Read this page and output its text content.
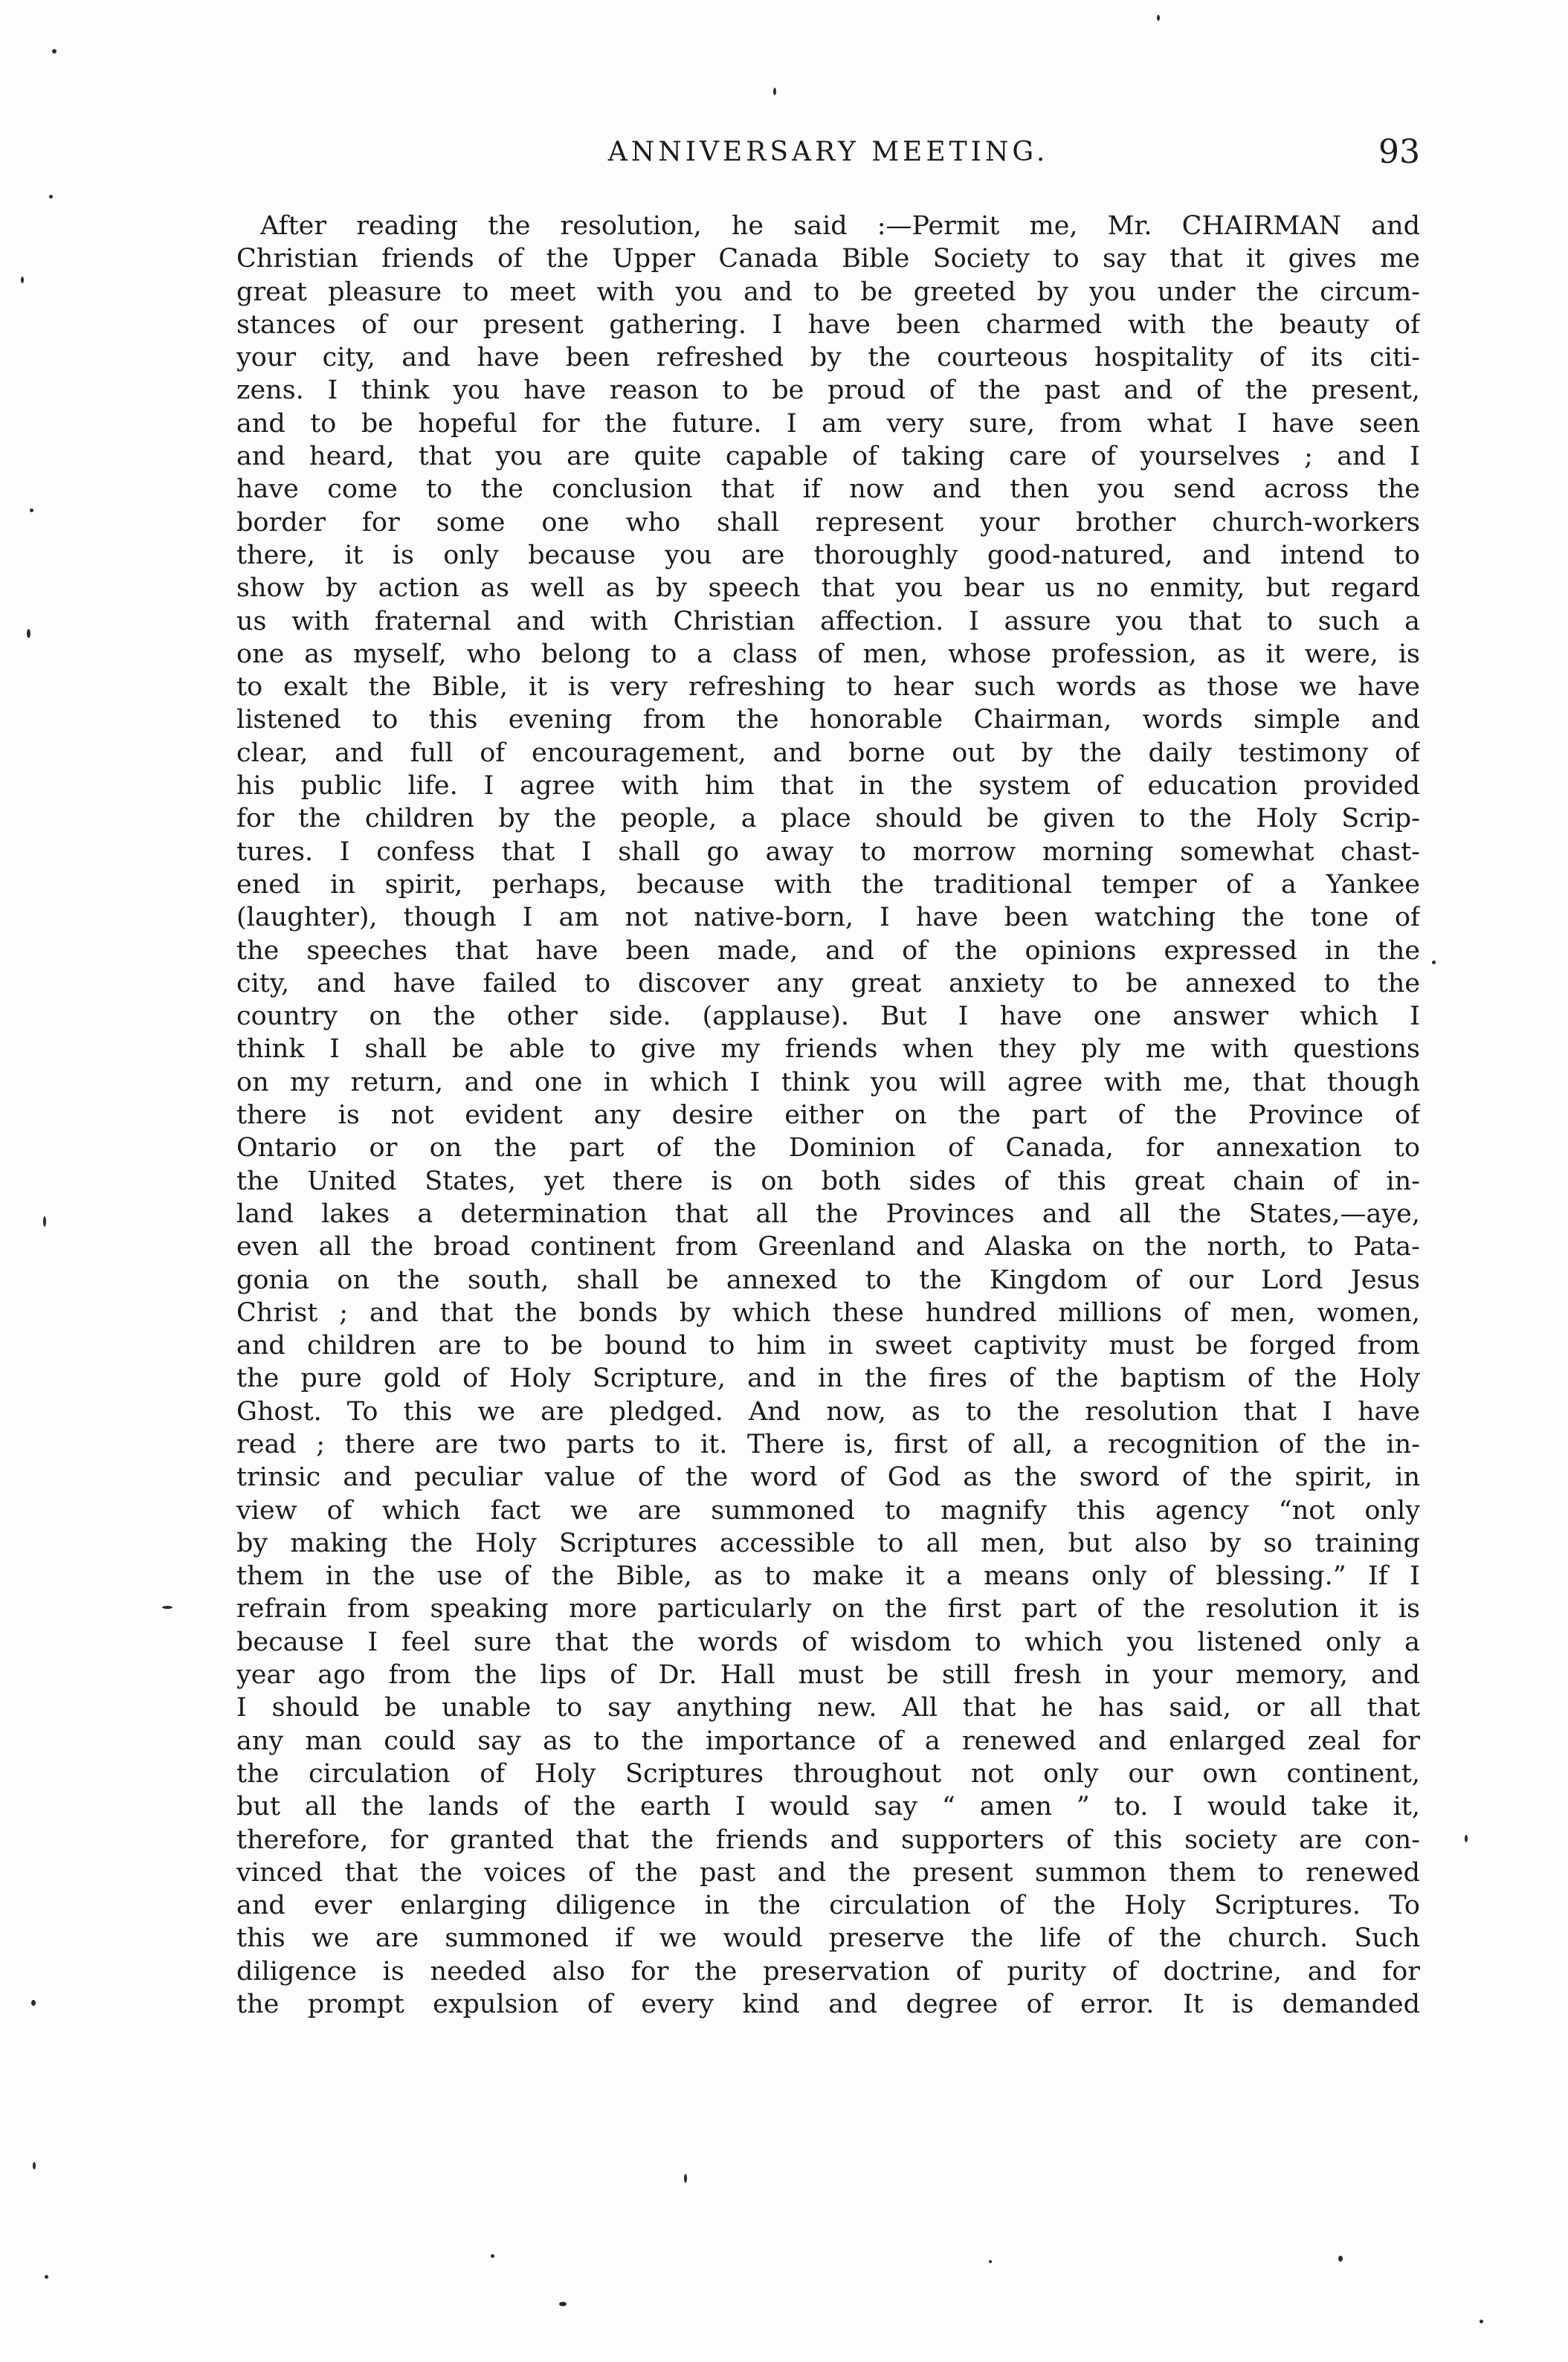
ANNIVERSARY MEETING.	93
After reading the resolution, he said :—Permit me, Mr. CHAIRMAN and
Christian friends of the Upper Canada Bible Society to say that it gives me
great pleasure to meet with you and to be greeted by you under the circum-
stances of our present gathering. I have been charmed with the beauty of
your city, and have been refreshed by the courteous hospitality of its citi-
zens. I think you have reason to be proud of the past and of the present,
and to be hopeful for the future. I am very sure, from what I have seen
and heard, that you are quite capable of taking care of yourselves ; and I
have come to the conclusion that if now and then you send across the
border for some one who shall represent your brother church-workers
there, it is only because you are thoroughly good-natured, and intend to
show by action as well as by speech that you bear us no enmity, but regard
us with fraternal and with Christian affection. I assure you that to such a
one as myself, who belong to a class of men, whose profession, as it were, is
to exalt the Bible, it is very refreshing to hear such words as those we have
listened to this evening from the honorable Chairman, words simple and
clear, and full of encouragement, and borne out by the daily testimony of
his public life. I agree with him that in the system of education provided
for the children by the people, a place should be given to the Holy Scrip-
tures. I confess that I shall go away to morrow morning somewhat chast-
ened in spirit, perhaps, because with the traditional temper of a Yankee
(laughter), though I am not native-born, I have been watching the tone of
the speeches that have been made, and of the opinions expressed in the
city, and have failed to discover any great anxiety to be annexed to the
country on the other side. (applause). But I have one answer which I
think I shall be able to give my friends when they ply me with questions
on my return, and one in which I think you will agree with me, that though
there is not evident any desire either on the part of the Province of
Ontario or on the part of the Dominion of Canada, for annexation to
the United States, yet there is on both sides of this great chain of in-
land lakes a determination that all the Provinces and all the States,—aye,
even all the broad continent from Greenland and Alaska on the north, to Pata-
gonia on the south, shall be annexed to the Kingdom of our Lord Jesus
Christ ; and that the bonds by which these hundred millions of men, women,
and children are to be bound to him in sweet captivity must be forged from
the pure gold of Holy Scripture, and in the fires of the baptism of the Holy
Ghost. To this we are pledged. And now, as to the resolution that I have
read ; there are two parts to it. There is, first of all, a recognition of the in-
trinsic and peculiar value of the word of God as the sword of the spirit, in
view of which fact we are summoned to magnify this agency “not only
by making the Holy Scriptures accessible to all men, but also by so training
them in the use of the Bible, as to make it a means only of blessing.” If I
refrain from speaking more particularly on the first part of the resolution it is
because I feel sure that the words of wisdom to which you listened only a
year ago from the lips of Dr. Hall must be still fresh in your memory, and
I should be unable to say anything new. All that he has said, or all that
any man could say as to the importance of a renewed and enlarged zeal for
the circulation of Holy Scriptures throughout not only our own continent,
but all the lands of the earth I would say “ amen ” to. I would take it,
therefore, for granted that the friends and supporters of this society are con-
vinced that the voices of the past and the present summon them to renewed
and ever enlarging diligence in the circulation of the Holy Scriptures. To
this we are summoned if we would preserve the life of the church. Such
diligence is needed also for the preservation of purity of doctrine, and for
the prompt expulsion of every kind and degree of error. It is demanded
